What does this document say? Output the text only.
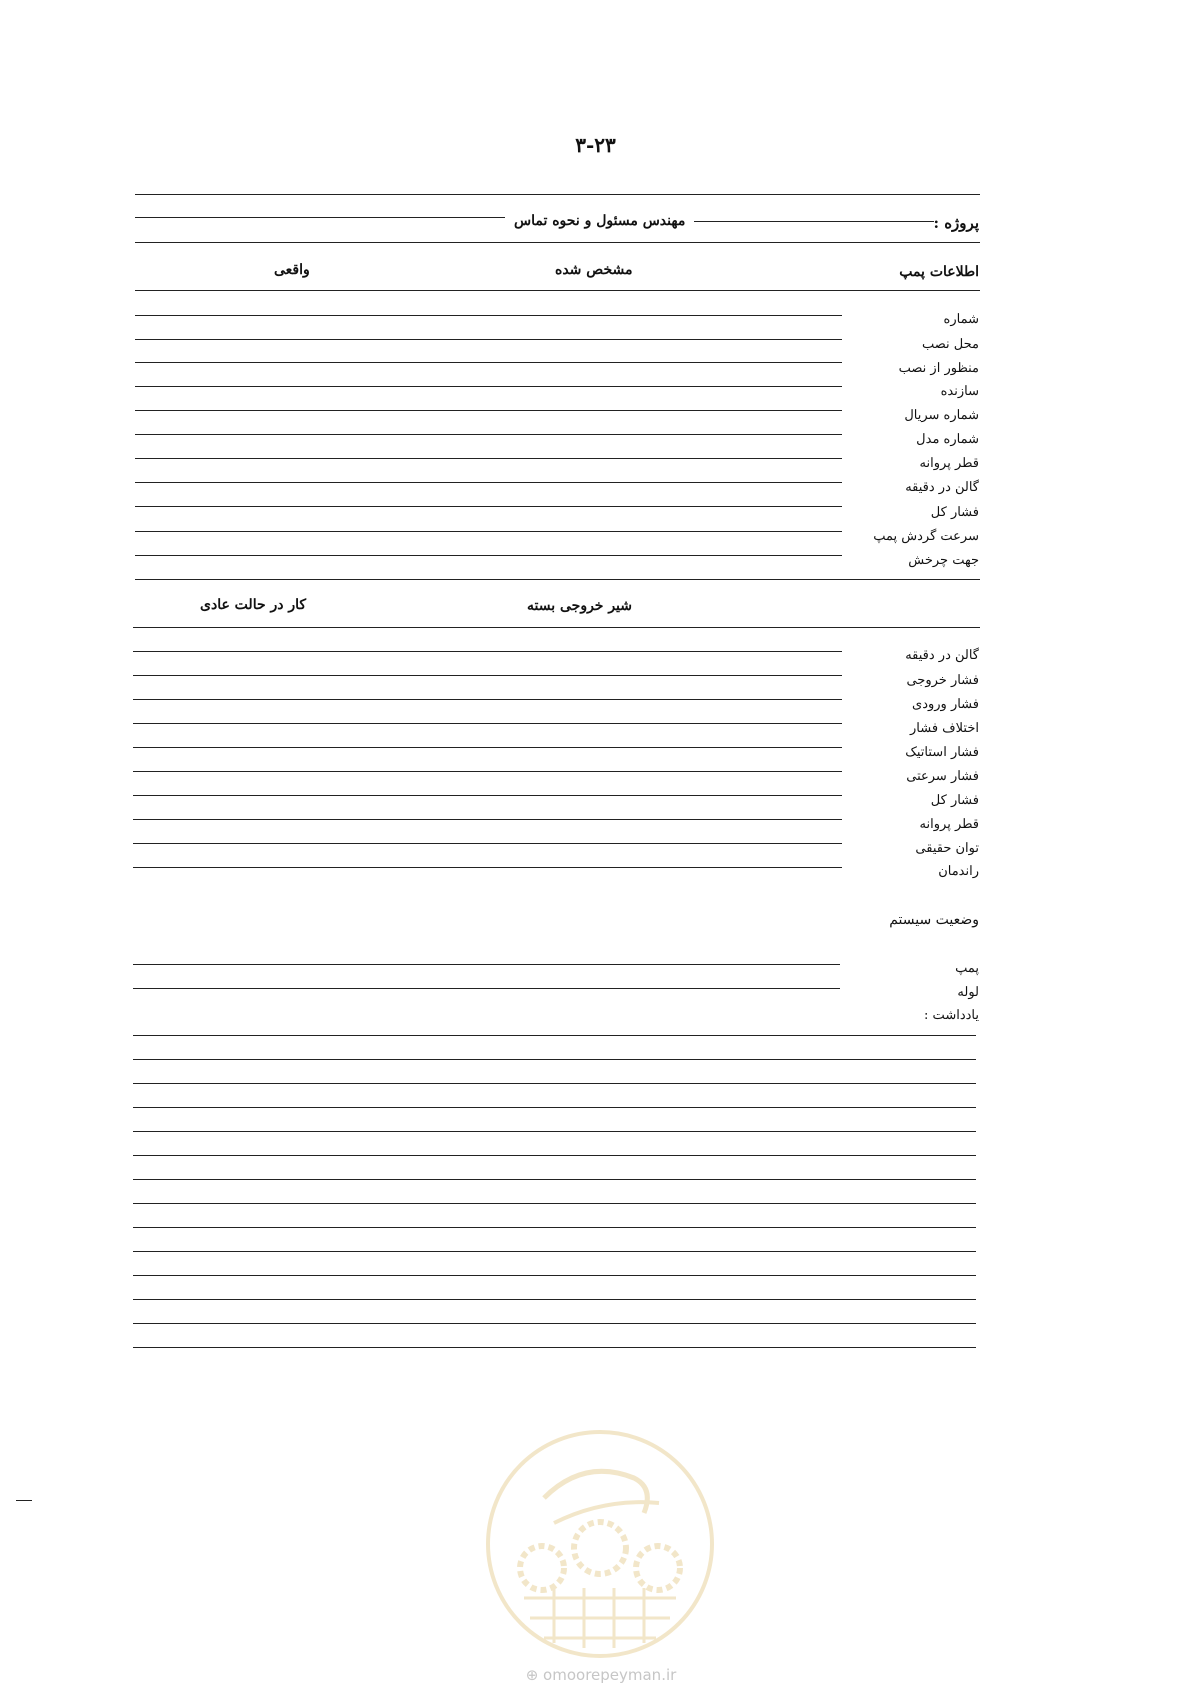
۳-۲۳
پروژه :
مهندس مسئول و نحوه تماس
اطلاعات پمپ
مشخص شده
واقعی
شماره
محل نصب
منظور از نصب
سازنده
شماره سریال
شماره مدل
قطر پروانه
گالن در دقیقه
فشار کل
سرعت گردش پمپ
جهت چرخش
شیر خروجی بسته
کار در حالت عادی
گالن در دقیقه
فشار خروجی
فشار ورودی
اختلاف فشار
فشار استاتیک
فشار سرعتی
فشار کل
قطر پروانه
توان حقیقی
راندمان
وضعیت سیستم
پمپ
لوله
یادداشت :
⊕ omoorepeyman.ir
